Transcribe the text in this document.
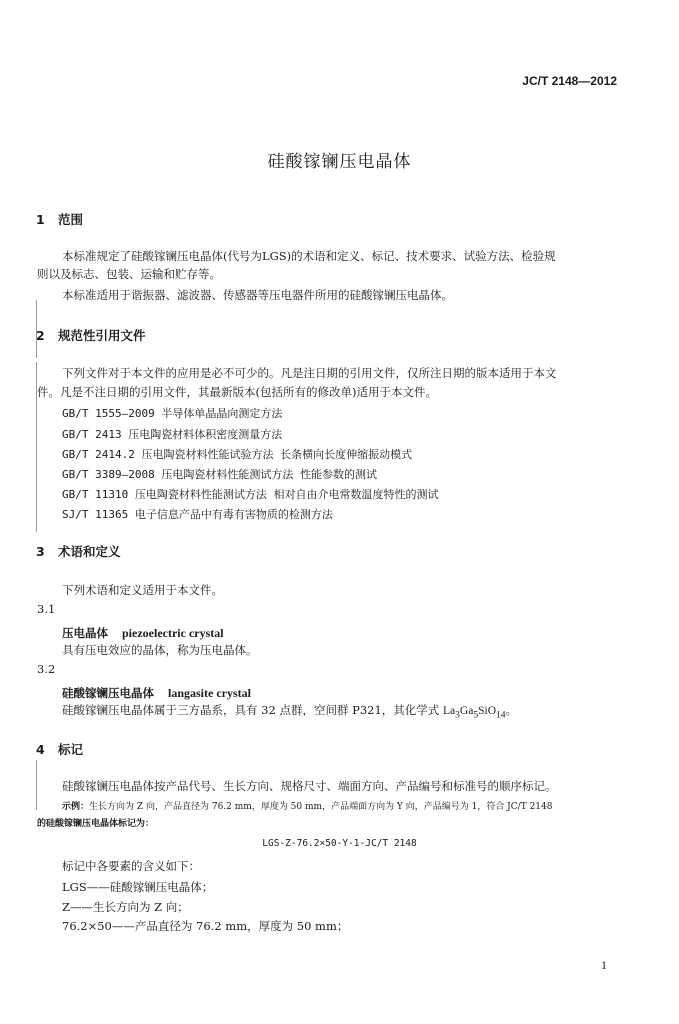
JC/T 2148—2012
硅酸镓镧压电晶体
1 范围
本标准规定了硅酸镓镧压电晶体(代号为LGS)的术语和定义、标记、技术要求、试验方法、检验规
则以及标志、包装、运输和贮存等。
本标准适用于谐振器、滤波器、传感器等压电器件所用的硅酸镓镧压电晶体。
2 规范性引用文件
下列文件对于本文件的应用是必不可少的。凡是注日期的引用文件，仅所注日期的版本适用于本文
件。凡是不注日期的引用文件，其最新版本(包括所有的修改单)适用于本文件。
GB/T 1555—2009 半导体单晶晶向测定方法
GB/T 2413 压电陶瓷材料体积密度测量方法
GB/T 2414.2 压电陶瓷材料性能试验方法 长条横向长度伸缩振动模式
GB/T 3389—2008 压电陶瓷材料性能测试方法 性能参数的测试
GB/T 11310 压电陶瓷材料性能测试方法 相对自由介电常数温度特性的测试
SJ/T 11365 电子信息产品中有毒有害物质的检测方法
3 术语和定义
下列术语和定义适用于本文件。
3.1
压电晶体 piezoelectric crystal
具有压电效应的晶体，称为压电晶体。
3.2
硅酸镓镧压电晶体 langasite crystal
硅酸镓镧压电晶体属于三方晶系，具有 32 点群，空间群 P321，其化学式 $La_3Ga_5SiO_{14}$。
4 标记
硅酸镓镧压电晶体按产品代号、生长方向、规格尺寸、端面方向、产品编号和标准号的顺序标记。
示例：生长方向为 Z 向，产品直径为 76.2 mm，厚度为 50 mm，产品端面方向为 Y 向，产品编号为 1，符合 JC/T 2148
的硅酸镓镧压电晶体标记为：
LGS-Z-76.2×50-Y-1-JC/T 2148
标记中各要素的含义如下：
LGS——硅酸镓镧压电晶体；
Z——生长方向为 Z 向；
76.2×50——产品直径为 76.2 mm，厚度为 50 mm；
1
